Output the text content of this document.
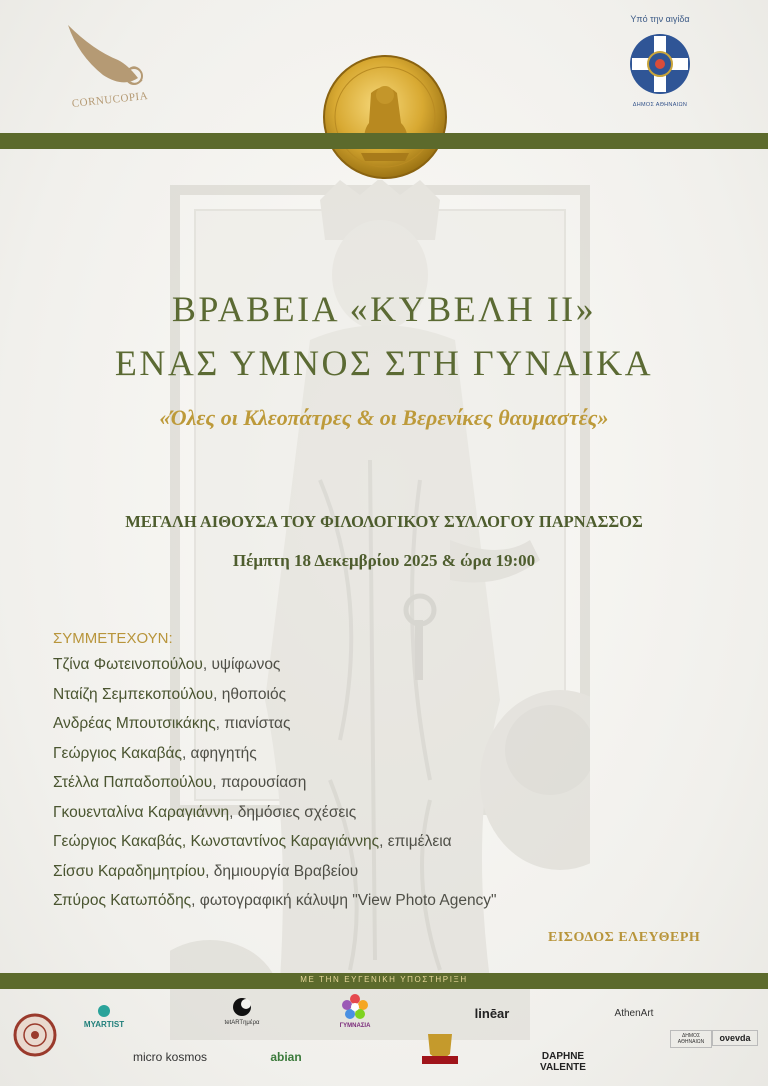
CORNUCOPIA
Υπό την αιγίδα
ΔΗΜΟΣ ΑΘΗΝΑΙΩΝ
ΒΡΑΒΕΙΑ «ΚΥΒΕΛΗ ΙΙ»
ΕΝΑΣ ΥΜΝΟΣ ΣΤΗ ΓΥΝΑΙΚΑ
«Όλες οι Κλεοπάτρες & οι Βερενίκες θαυμαστές»
ΜΕΓΑΛΗ ΑΙΘΟΥΣΑ ΤΟΥ ΦΙΛΟΛΟΓΙΚΟΥ ΣΥΛΛΟΓΟΥ ΠΑΡΝΑΣΣΟΣ
Πέμπτη 18 Δεκεμβρίου 2025 & ώρα 19:00
ΣΥΜΜΕΤΕΧΟΥΝ:
Τζίνα Φωτεινοπούλου, υψίφωνος
Νταίζη Σεμπεκοπούλου, ηθοποιός
Ανδρέας Μπουτσικάκης, πιανίστας
Γεώργιος Κακαβάς, αφηγητής
Στέλλα Παπαδοπούλου, παρουσίαση
Γκουενταλίνα Καραγιάννη, δημόσιες σχέσεις
Γεώργιος Κακαβάς, Κωνσταντίνος Καραγιάννης, επιμέλεια
Σίσσυ Καραδημητρίου, δημιουργία Βραβείου
Σπύρος Κατωπόδης, φωτογραφική κάλυψη "View Photo Agency"
ΕΙΣΟΔΟΣ ΕΛΕΥΘΕΡΗ
ΜΕ ΤΗΝ ΕΥΓΕΝΙΚΗ ΥΠΟΣΤΗΡΙΞΗ
MYARTIST	tetARTημέρα	ΓΥΜΝΑΣΙΑ
linēar	AthenArt
ΔΗΜΟΣ ΑΘΗΝΑΙΩΝ	ονevda
micro kosmos	abian	DAPHNE VALENTE
